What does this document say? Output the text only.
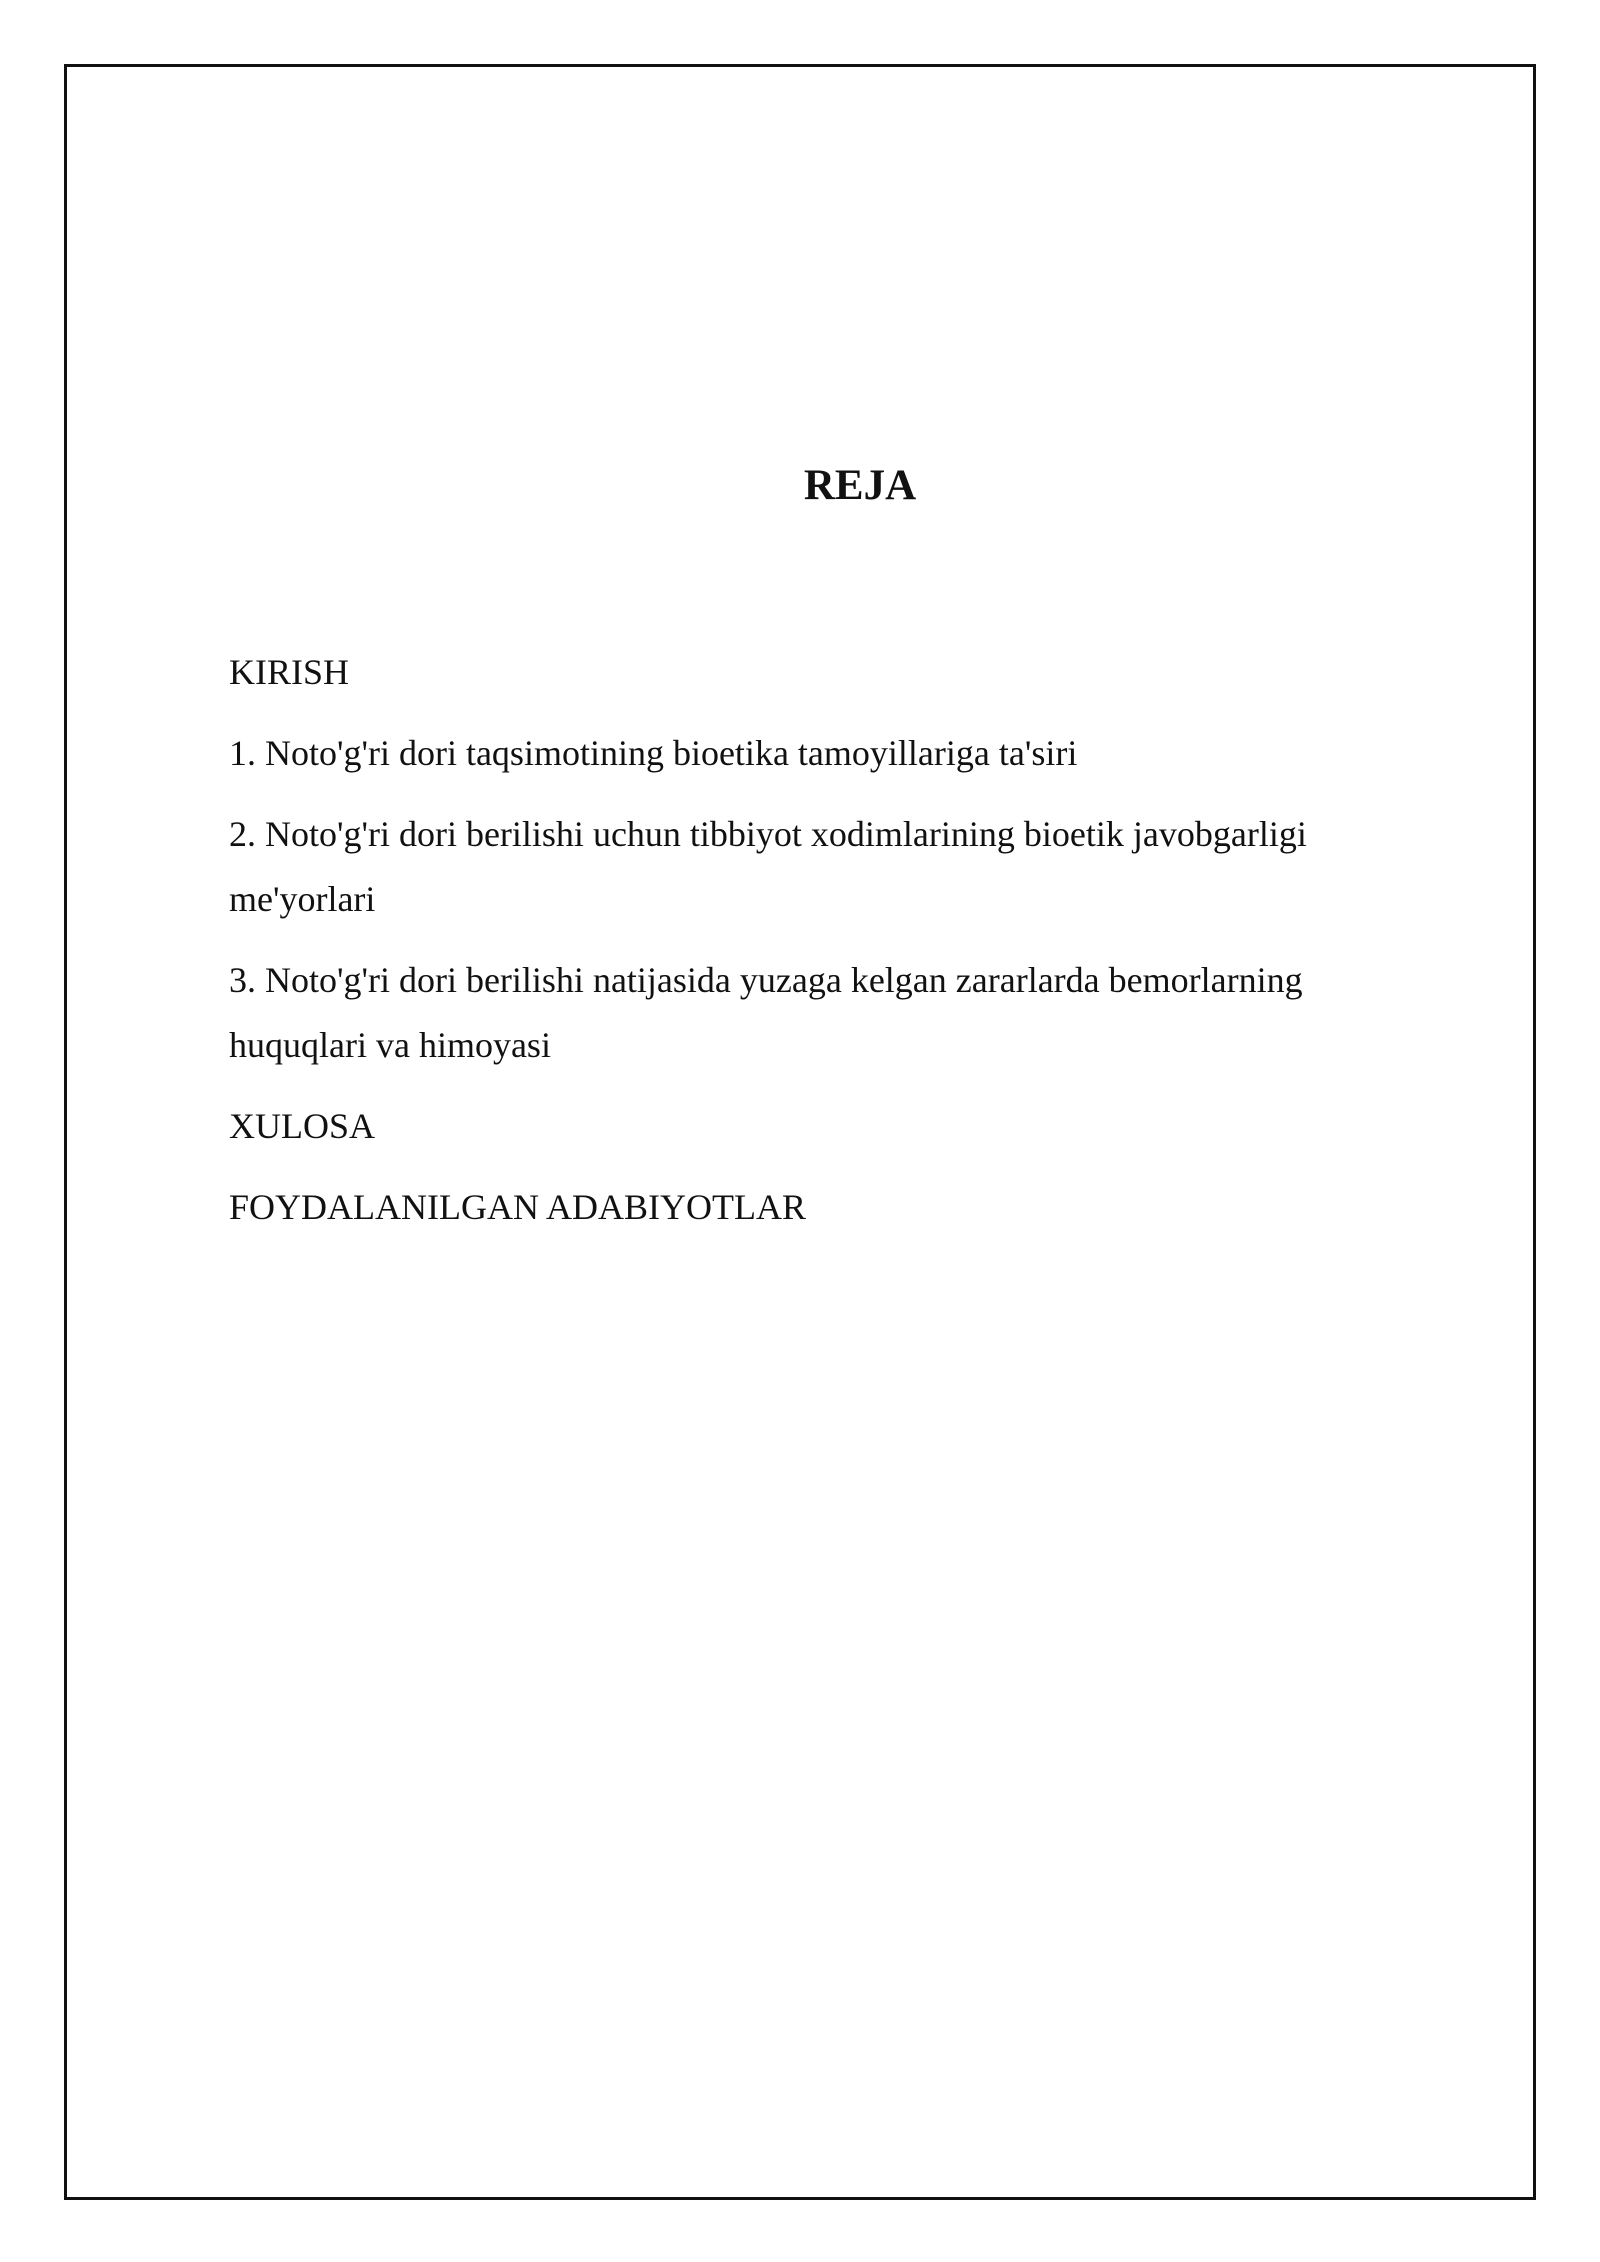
REJA
KIRISH
1. Noto'g'ri dori taqsimotining bioetika tamoyillariga ta'siri
2. Noto'g'ri dori berilishi uchun tibbiyot xodimlarining bioetik javobgarligi me'yorlari
3. Noto'g'ri dori berilishi natijasida yuzaga kelgan zararlarda bemorlarning huquqlari va himoyasi
XULOSA
FOYDALANILGAN ADABIYOTLAR
